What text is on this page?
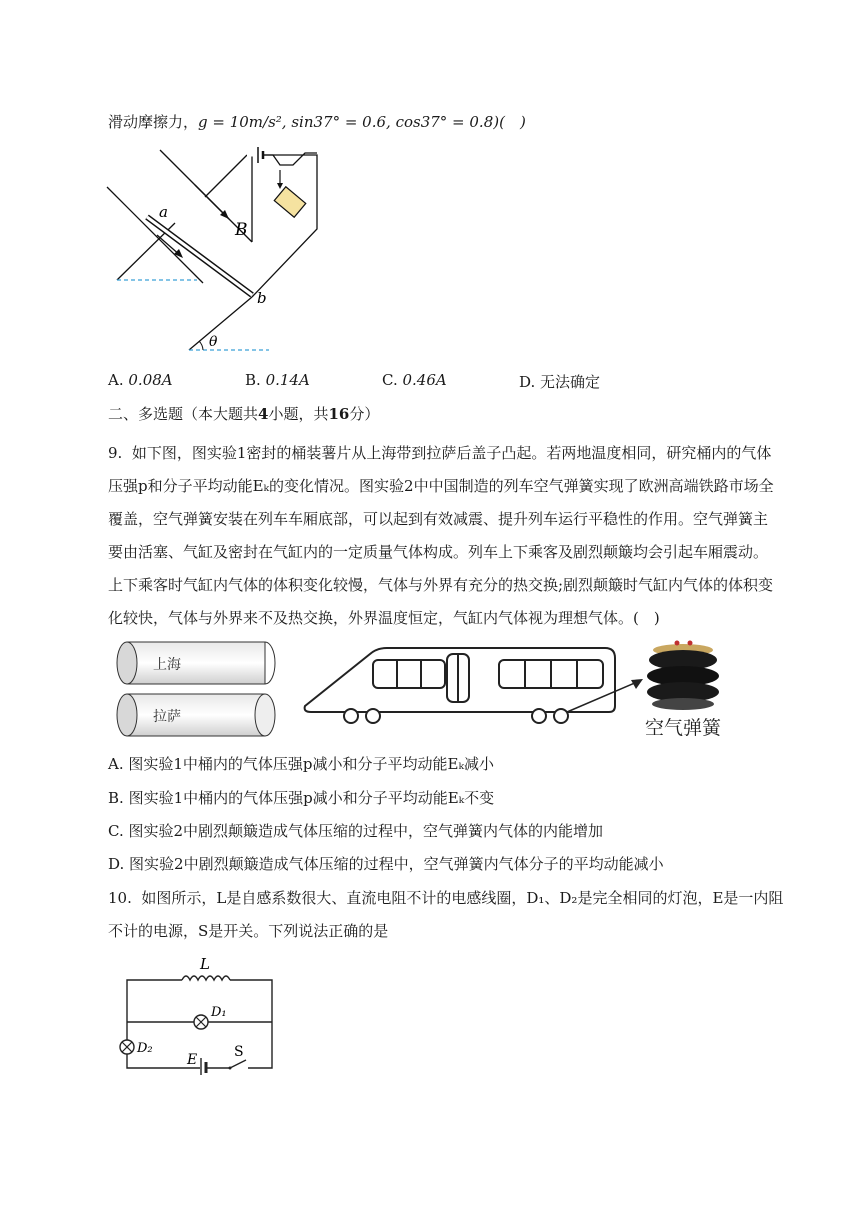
滑动摩擦力，g = 10m/s², sin37° = 0.6, cos37° = 0.8)(　)
θ
a
b
B
A. 0.08A	B. 0.14A	C. 0.46A	D. 无法确定
二、多选题（本大题共4小题，共16分）
9. 如下图，图实验1密封的桶装薯片从上海带到拉萨后盖子凸起。若两地温度相同，研究桶内的气体
压强p和分子平均动能Eₖ的变化情况。图实验2中中国制造的列车空气弹簧实现了欧洲高端铁路市场全
覆盖，空气弹簧安装在列车车厢底部，可以起到有效减震、提升列车运行平稳性的作用。空气弹簧主
要由活塞、气缸及密封在气缸内的一定质量气体构成。列车上下乘客及剧烈颠簸均会引起车厢震动。
上下乘客时气缸内气体的体积变化较慢，气体与外界有充分的热交换;剧烈颠簸时气缸内气体的体积变
化较快，气体与外界来不及热交换，外界温度恒定，气缸内气体视为理想气体。(　)
上海
拉萨	空气弹簧
A. 图实验1中桶内的气体压强p减小和分子平均动能Eₖ减小
B. 图实验1中桶内的气体压强p减小和分子平均动能Eₖ不变
C. 图实验2中剧烈颠簸造成气体压缩的过程中，空气弹簧内气体的内能增加
D. 图实验2中剧烈颠簸造成气体压缩的过程中，空气弹簧内气体分子的平均动能减小
10. 如图所示，L是自感系数很大、直流电阻不计的电感线圈，D₁、D₂是完全相同的灯泡，E是一内阻
不计的电源，S是开关。下列说法正确的是
L
D₁
D₂
E	S
